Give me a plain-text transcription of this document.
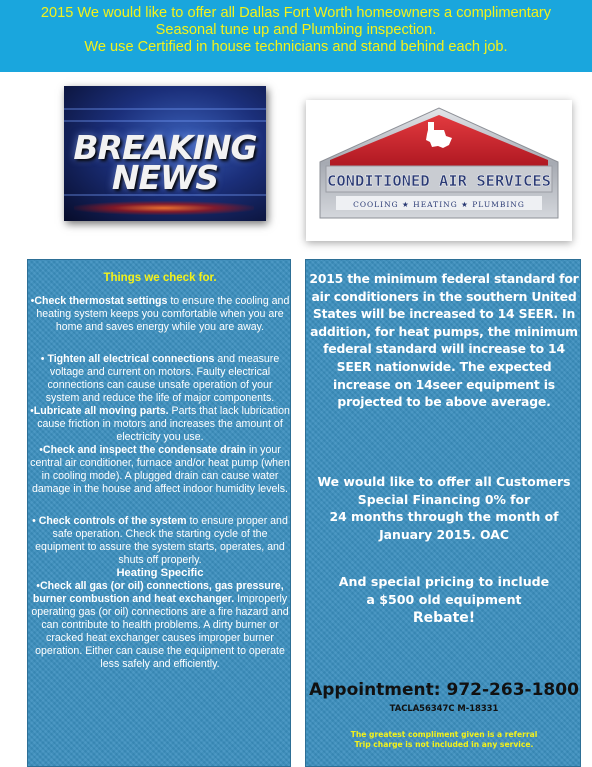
2015 We would like to offer all Dallas Fort Worth homeowners a complimentary
Seasonal tune up and Plumbing inspection.
We use Certified in house technicians and stand behind each job.
BREAKING
NEWS	CONDITIONED AIR SERVICES
COOLING ★ HEATING ★ PLUMBING

Things we check for.

•Check thermostat settings to ensure the cooling and heating system keeps you comfortable when you are home and saves energy while you are away.

• Tighten all electrical connections and measure voltage and current on motors. Faulty electrical connections can cause unsafe operation of your system and reduce the life of major components.

•Lubricate all moving parts. Parts that lack lubrication cause friction in motors and increases the amount of electricity you use.

•Check and inspect the condensate drain in your central air conditioner, furnace and/or heat pump (when in cooling mode). A plugged drain can cause water damage in the house and affect indoor humidity levels.

• Check controls of the system to ensure proper and safe operation. Check the starting cycle of the equipment to assure the system starts, operates, and shuts off properly.

Heating Specific

•Check all gas (or oil) connections, gas pressure, burner combustion and heat exchanger. Improperly operating gas (or oil) connections are a fire hazard and can contribute to health problems. A dirty burner or cracked heat exchanger causes improper burner operation. Either can cause the equipment to operate less safely and efficiently.

2015 the minimum federal standard for air conditioners in the southern United States will be increased to 14 SEER. In addition, for heat pumps, the minimum federal standard will increase to 14 SEER nationwide. The expected increase on 14seer equipment is projected to be above average.

We would like to offer all Customers
Special Financing 0% for
24 months through the month of
January 2015. OAC
And special pricing to include
a $500 old equipment
Rebate!
Appointment: 972-263-1800
TACLA56347C M-18331
The greatest compliment given is a referral
Trip charge is not included in any service.
